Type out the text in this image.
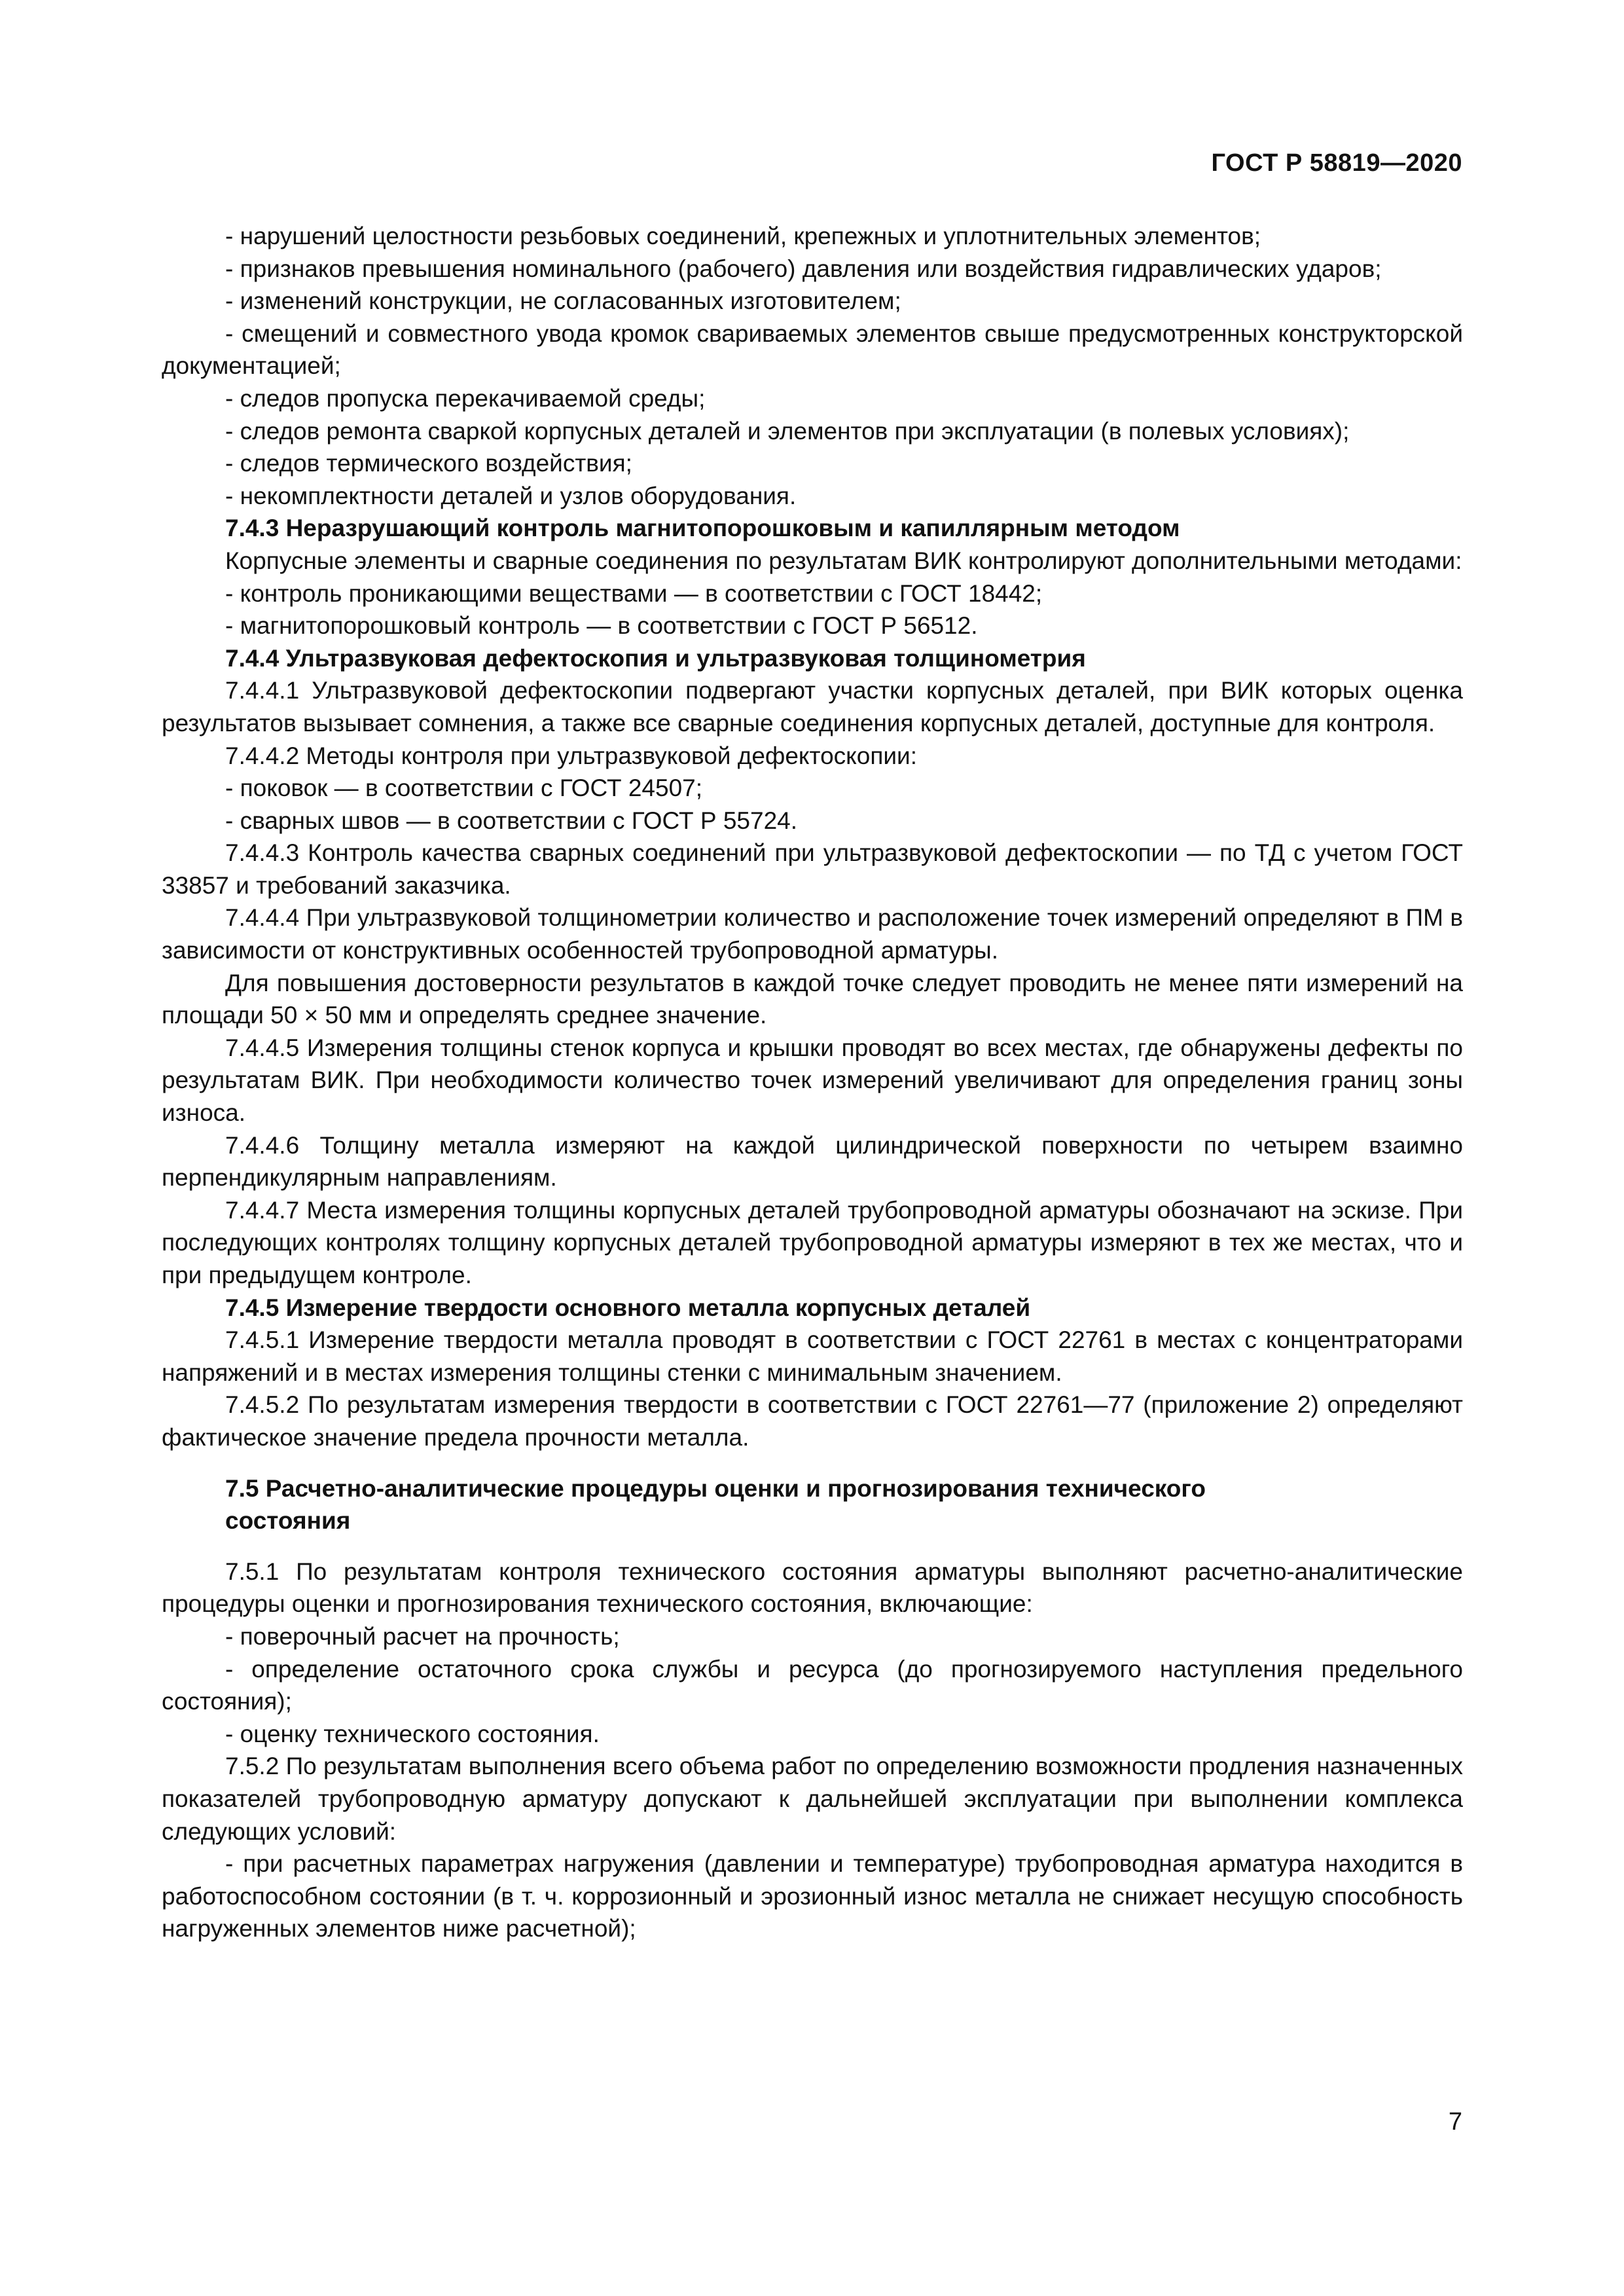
ГОСТ Р 58819—2020

- нарушений целостности резьбовых соединений, крепежных и уплотнительных элементов;

- признаков превышения номинального (рабочего) давления или воздействия гидравлических ударов;

- изменений конструкции, не согласованных изготовителем;

- смещений и совместного увода кромок свариваемых элементов свыше предусмотренных конструкторской документацией;

- следов пропуска перекачиваемой среды;

- следов ремонта сваркой корпусных деталей и элементов при эксплуатации (в полевых условиях);

- следов термического воздействия;

- некомплектности деталей и узлов оборудования.

7.4.3 Неразрушающий контроль магнитопорошковым и капиллярным методом

Корпусные элементы и сварные соединения по результатам ВИК контролируют дополнительными методами:

- контроль проникающими веществами — в соответствии с ГОСТ 18442;

- магнитопорошковый контроль — в соответствии с ГОСТ Р 56512.

7.4.4 Ультразвуковая дефектоскопия и ультразвуковая толщинометрия

7.4.4.1 Ультразвуковой дефектоскопии подвергают участки корпусных деталей, при ВИК которых оценка результатов вызывает сомнения, а также все сварные соединения корпусных деталей, доступные для контроля.

7.4.4.2 Методы контроля при ультразвуковой дефектоскопии:

- поковок — в соответствии с ГОСТ 24507;

- сварных швов — в соответствии с ГОСТ Р 55724.

7.4.4.3 Контроль качества сварных соединений при ультразвуковой дефектоскопии — по ТД с учетом ГОСТ 33857 и требований заказчика.

7.4.4.4 При ультразвуковой толщинометрии количество и расположение точек измерений определяют в ПМ в зависимости от конструктивных особенностей трубопроводной арматуры.

Для повышения достоверности результатов в каждой точке следует проводить не менее пяти измерений на площади 50 × 50 мм и определять среднее значение.

7.4.4.5 Измерения толщины стенок корпуса и крышки проводят во всех местах, где обнаружены дефекты по результатам ВИК. При необходимости количество точек измерений увеличивают для определения границ зоны износа.

7.4.4.6 Толщину металла измеряют на каждой цилиндрической поверхности по четырем взаимно перпендикулярным направлениям.

7.4.4.7 Места измерения толщины корпусных деталей трубопроводной арматуры обозначают на эскизе. При последующих контролях толщину корпусных деталей трубопроводной арматуры измеряют в тех же местах, что и при предыдущем контроле.

7.4.5 Измерение твердости основного металла корпусных деталей

7.4.5.1 Измерение твердости металла проводят в соответствии с ГОСТ 22761 в местах с концентраторами напряжений и в местах измерения толщины стенки с минимальным значением.

7.4.5.2 По результатам измерения твердости в соответствии с ГОСТ 22761—77 (приложение 2) определяют фактическое значение предела прочности металла.

7.5 Расчетно-аналитические процедуры оценки и прогнозирования технического состояния

7.5.1 По результатам контроля технического состояния арматуры выполняют расчетно-аналитические процедуры оценки и прогнозирования технического состояния, включающие:

- поверочный расчет на прочность;

- определение остаточного срока службы и ресурса (до прогнозируемого наступления предельного состояния);

- оценку технического состояния.

7.5.2 По результатам выполнения всего объема работ по определению возможности продления назначенных показателей трубопроводную арматуру допускают к дальнейшей эксплуатации при выполнении комплекса следующих условий:

- при расчетных параметрах нагружения (давлении и температуре) трубопроводная арматура находится в работоспособном состоянии (в т. ч. коррозионный и эрозионный износ металла не снижает несущую способность нагруженных элементов ниже расчетной);

7
